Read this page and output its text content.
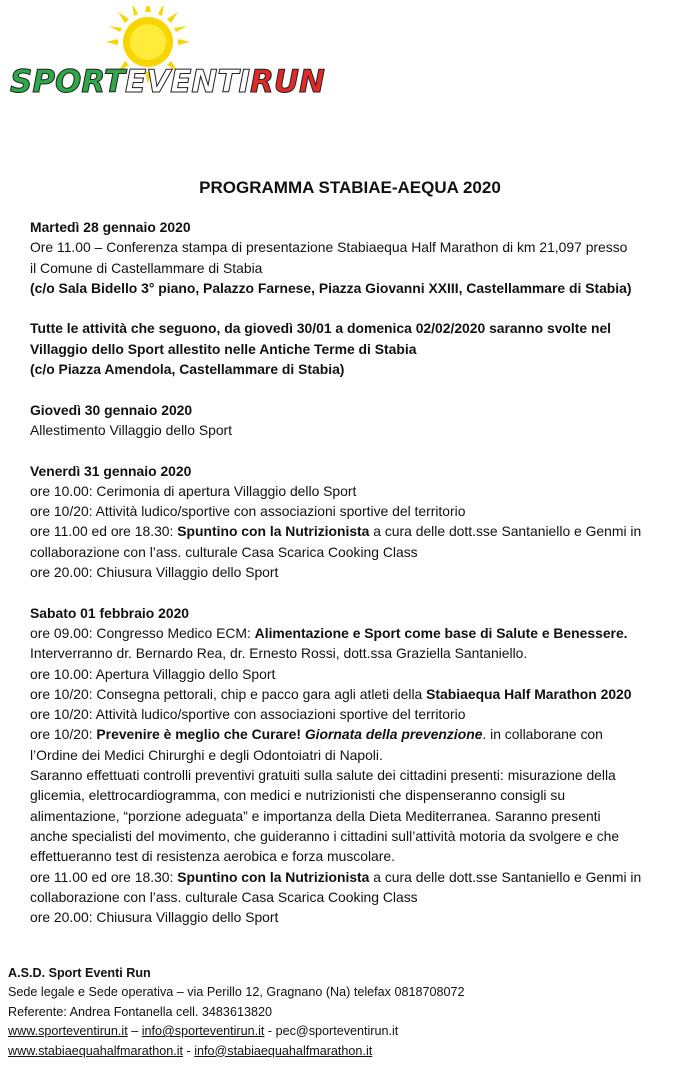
SPORTEVENTIRUN
PROGRAMMA STABIAE-AEQUA 2020

Martedì 28 gennaio 2020

Ore 11.00 – Conferenza stampa di presentazione Stabiaequa Half Marathon di km 21,097 presso

il Comune di Castellammare di Stabia

(c/o Sala Bidello 3° piano, Palazzo Farnese, Piazza Giovanni XXIII, Castellammare di Stabia)

Tutte le attività che seguono, da giovedì 30/01 a domenica 02/02/2020 saranno svolte nel

Villaggio dello Sport allestito nelle Antiche Terme di Stabia

(c/o Piazza Amendola, Castellammare di Stabia)

Giovedì 30 gennaio 2020

Allestimento Villaggio dello Sport

Venerdì 31 gennaio 2020

ore 10.00: Cerimonia di apertura Villaggio dello Sport

ore 10/20: Attività ludico/sportive con associazioni sportive del territorio

ore 11.00 ed ore 18.30: Spuntino con la Nutrizionista a cura delle dott.sse Santaniello e Genmi in

collaborazione con l’ass. culturale Casa Scarica Cooking Class

ore 20.00: Chiusura Villaggio dello Sport

Sabato 01 febbraio 2020

ore 09.00: Congresso Medico ECM: Alimentazione e Sport come base di Salute e Benessere.

Interverranno dr. Bernardo Rea, dr. Ernesto Rossi, dott.ssa Graziella Santaniello.

ore 10.00: Apertura Villaggio dello Sport

ore 10/20: Consegna pettorali, chip e pacco gara agli atleti della Stabiaequa Half Marathon 2020

ore 10/20: Attività ludico/sportive con associazioni sportive del territorio

ore 10/20: Prevenire è meglio che Curare! Giornata della prevenzione. in collaborane con

l’Ordine dei Medici Chirurghi e degli Odontoiatri di Napoli.

Saranno effettuati controlli preventivi gratuiti sulla salute dei cittadini presenti: misurazione della

glicemia, elettrocardiogramma, con medici e nutrizionisti che dispenseranno consigli su

alimentazione, “porzione adeguata” e importanza della Dieta Mediterranea. Saranno presenti

anche specialisti del movimento, che guideranno i cittadini sull’attività motoria da svolgere e che

effettueranno test di resistenza aerobica e forza muscolare.

ore 11.00 ed ore 18.30: Spuntino con la Nutrizionista a cura delle dott.sse Santaniello e Genmi in

collaborazione con l’ass. culturale Casa Scarica Cooking Class

ore 20.00: Chiusura Villaggio dello Sport

A.S.D. Sport Eventi Run

Sede legale e Sede operativa – via Perillo 12, Gragnano (Na) telefax 0818708072

Referente: Andrea Fontanella cell. 3483613820

www.sporteventirun.it – info@sporteventirun.it - pec@sporteventirun.it

www.stabiaequahalfmarathon.it - info@stabiaequahalfmarathon.it
